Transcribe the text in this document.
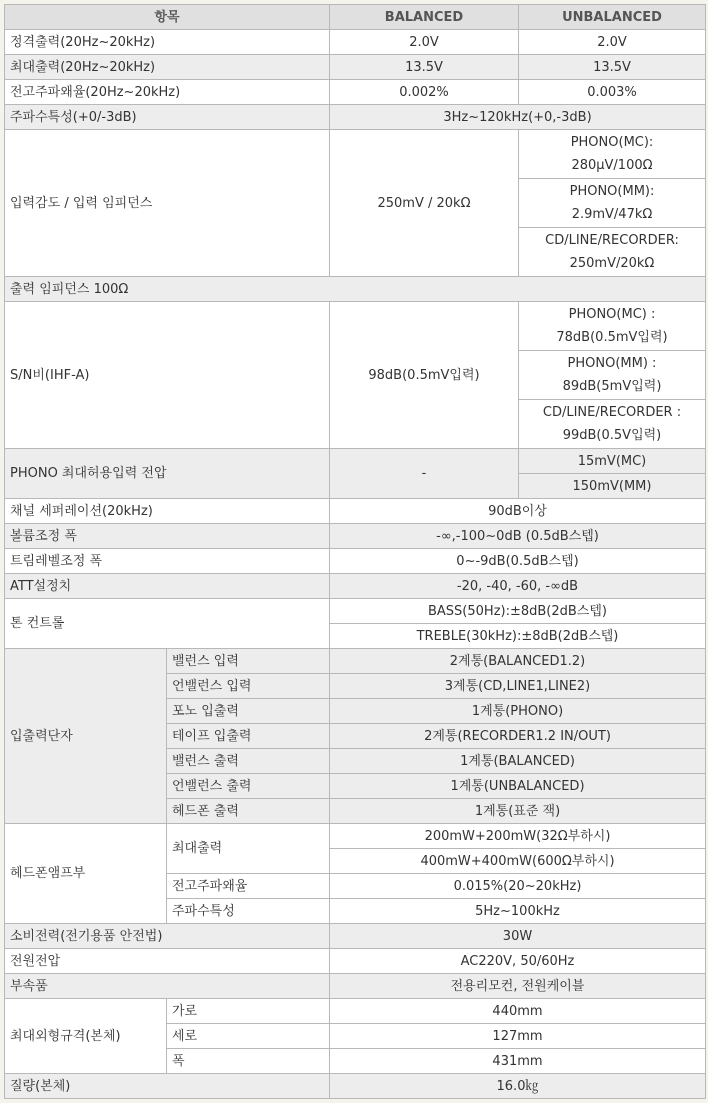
항목		BALANCED	UNBALANCED
정격출력(20Hz~20kHz)		2.0V	2.0V
최대출력(20Hz~20kHz)		13.5V	13.5V
전고주파왜율(20Hz~20kHz)		0.002%	0.003%
주파수특성(+0/-3dB)		3Hz~120kHz(+0,-3dB)	
입력감도 / 입력 임피던스		250mV / 20kΩ	PHONO(MC):
280μV/100Ω
			PHONO(MM):
2.9mV/47kΩ
			CD/LINE/RECORDER:
250mV/20kΩ
출력 임피던스 100Ω			
S/N비(IHF-A)		98dB(0.5mV입력)	PHONO(MC) :
78dB(0.5mV입력)
			PHONO(MM) :
89dB(5mV입력)
			CD/LINE/RECORDER :
99dB(0.5V입력)
PHONO 최대허용입력 전압		-	15mV(MC)
			150mV(MM)
채널 세퍼레이션(20kHz)		90dB이상	
볼륨조정 폭		-∞,-100~0dB (0.5dB스텝)	
트림레벨조정 폭		0~-9dB(0.5dB스텝)	
ATT설정치		-20, -40, -60, -∞dB	
톤 컨트롤		BASS(50Hz):±8dB(2dB스텝)	
		TREBLE(30kHz):±8dB(2dB스텝)	
입출력단자	밸런스 입력	2계통(BALANCED1.2)	
	언밸런스 입력	3계통(CD,LINE1,LINE2)	
	포노 입출력	1계통(PHONO)	
	테이프 입출력	2계통(RECORDER1.2 IN/OUT)	
	밸런스 출력	1계통(BALANCED)	
	언밸런스 출력	1계통(UNBALANCED)	
	헤드폰 출력	1계통(표준 잭)	
헤드폰앰프부	최대출력	200mW+200mW(32Ω부하시)	
		400mW+400mW(600Ω부하시)	
	전고주파왜율	0.015%(20~20kHz)	
	주파수특성	5Hz~100kHz	
소비전력(전기용품 안전법)		30W	
전원전압		AC220V, 50/60Hz	
부속품		전용리모컨, 전원케이블	
최대외형규격(본체)	가로	440mm	
	세로	127mm	
	폭	431mm	
질량(본체)		16.0㎏	
